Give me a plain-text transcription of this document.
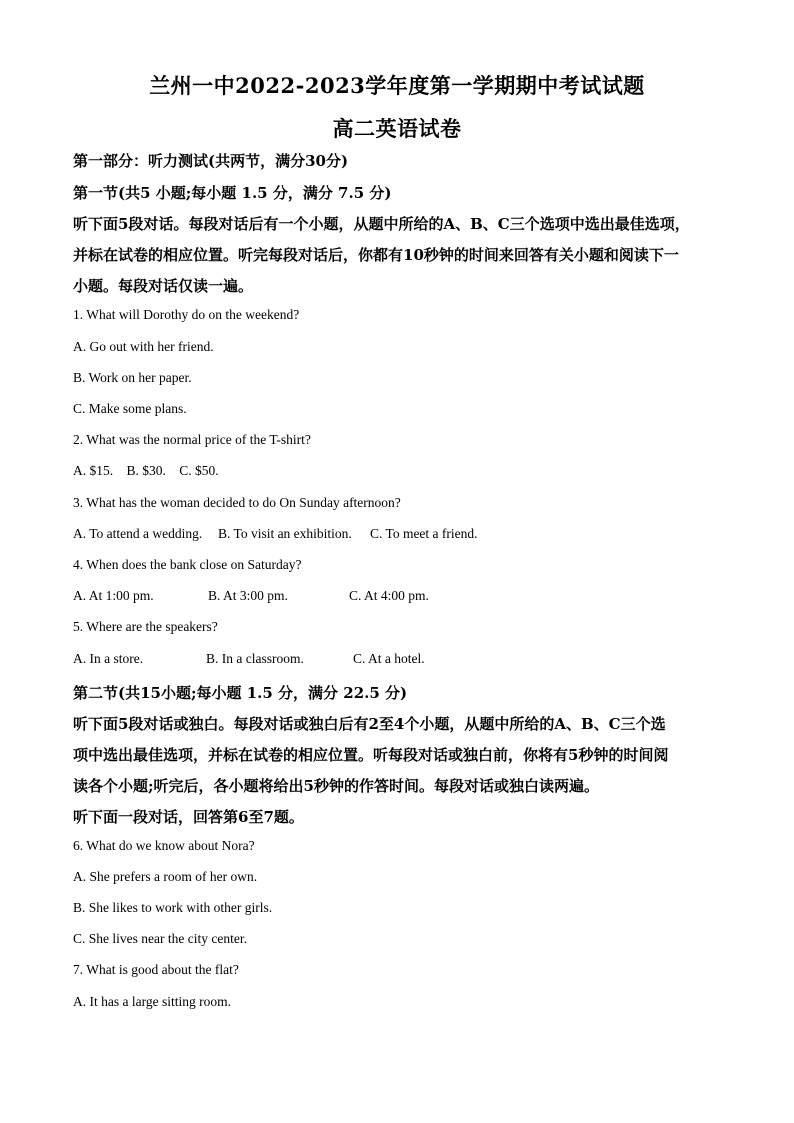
兰州一中2022-2023学年度第一学期期中考试试题
高二英语试卷
第一部分：听力测试(共两节，满分30分)
第一节(共5 小题;每小题 1.5 分，满分 7.5 分)
听下面5段对话。每段对话后有一个小题，从题中所给的A、B、C三个选项中选出最佳选项，
并标在试卷的相应位置。听完每段对话后，你都有10秒钟的时间来回答有关小题和阅读下一
小题。每段对话仅读一遍。
1. What will Dorothy do on the weekend?
A. Go out with her friend.
B. Work on her paper.
C. Make some plans.
2. What was the normal price of the T-shirt?
A. $15. B. $30. C. $50.
3. What has the woman decided to do On Sunday afternoon?
A. To attend a wedding. B. To visit an exhibition. C. To meet a friend.
4. When does the bank close on Saturday?
A. At 1:00 pm.	B. At 3:00 pm.	C. At 4:00 pm.
5. Where are the speakers?
A. In a store.	B. In a classroom.	C. At a hotel.
第二节(共15小题;每小题 1.5 分，满分 22.5 分)
听下面5段对话或独白。每段对话或独白后有2至4个小题，从题中所给的A、B、C三个选
项中选出最佳选项，并标在试卷的相应位置。听每段对话或独白前，你将有5秒钟的时间阅
读各个小题;听完后，各小题将给出5秒钟的作答时间。每段对话或独白读两遍。
听下面一段对话，回答第6至7题。
6. What do we know about Nora?
A. She prefers a room of her own.
B. She likes to work with other girls.
C. She lives near the city center.
7. What is good about the flat?
A. It has a large sitting room.
